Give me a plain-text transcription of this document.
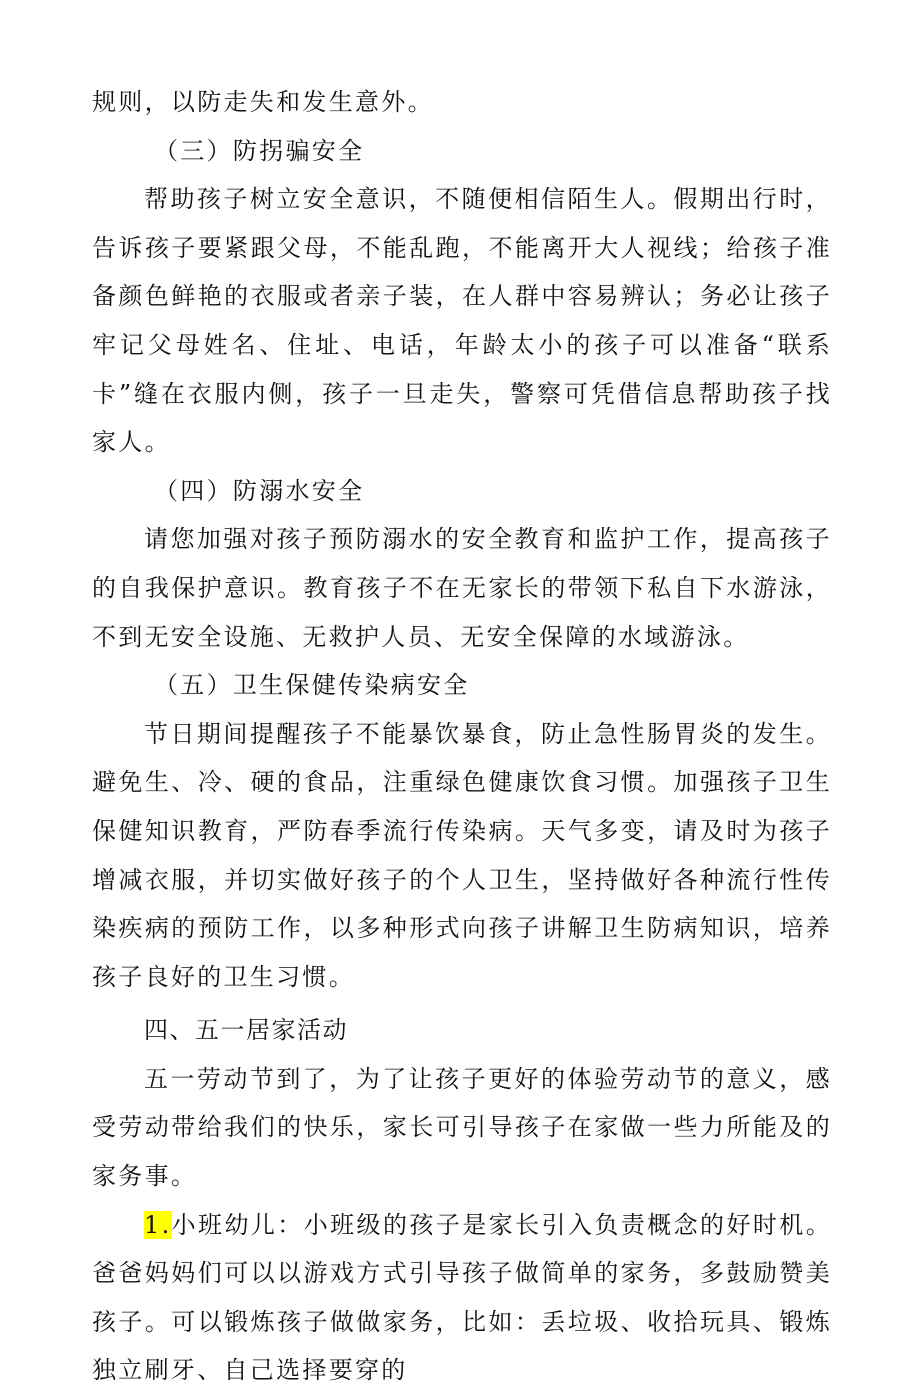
规则，以防走失和发生意外。

（三）防拐骗安全

帮助孩子树立安全意识，不随便相信陌生人。假期出行时，告诉孩子要紧跟父母，不能乱跑，不能离开大人视线；给孩子准备颜色鲜艳的衣服或者亲子装，在人群中容易辨认；务必让孩子牢记父母姓名、住址、电话，年龄太小的孩子可以准备“联系卡”缝在衣服内侧，孩子一旦走失，警察可凭借信息帮助孩子找家人。

（四）防溺水安全

请您加强对孩子预防溺水的安全教育和监护工作，提高孩子的自我保护意识。教育孩子不在无家长的带领下私自下水游泳，不到无安全设施、无救护人员、无安全保障的水域游泳。

（五）卫生保健传染病安全

节日期间提醒孩子不能暴饮暴食，防止急性肠胃炎的发生。避免生、冷、硬的食品，注重绿色健康饮食习惯。加强孩子卫生保健知识教育，严防春季流行传染病。天气多变，请及时为孩子增减衣服，并切实做好孩子的个人卫生，坚持做好各种流行性传染疾病的预防工作，以多种形式向孩子讲解卫生防病知识，培养孩子良好的卫生习惯。

四、五一居家活动

五一劳动节到了，为了让孩子更好的体验劳动节的意义，感受劳动带给我们的快乐，家长可引导孩子在家做一些力所能及的家务事。

1.小班幼儿：小班级的孩子是家长引入负责概念的好时机。爸爸妈妈们可以以游戏方式引导孩子做简单的家务，多鼓励赞美孩子。可以锻炼孩子做做家务，比如：丢垃圾、收拾玩具、锻炼独立刷牙、自己选择要穿的
